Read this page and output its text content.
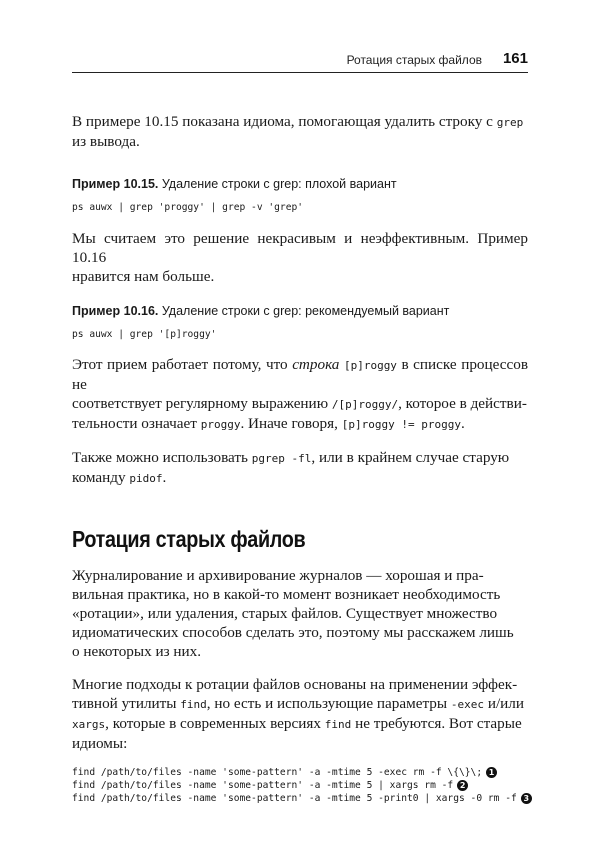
Ротация старых файлов 161

В примере 10.15 показана идиома, помогающая удалить строку с grep
из вывода.

Пример 10.15. Удаление строки с grep: плохой вариант

ps auwx | grep 'proggy' | grep -v 'grep'

Мы считаем это решение некрасивым и неэффективным. Пример 10.16
нравится нам больше.

Пример 10.16. Удаление строки с grep: рекомендуемый вариант

ps auwx | grep '[p]roggy'

Этот прием работает потому, что строка [p]roggy в списке процессов не
соответствует регулярному выражению /[p]roggy/, которое в действи-
тельности означает proggy. Иначе говоря, [p]roggy != proggy.

Также можно использовать pgrep -fl, или в крайнем случае старую
команду pidof.

Ротация старых файлов

Журналирование и архивирование журналов — хорошая и пра-
вильная практика, но в какой-то момент возникает необходимость
«ротации», или удаления, старых файлов. Существует множество
идиоматических способов сделать это, поэтому мы расскажем лишь
о некоторых из них.

Многие подходы к ротации файлов основаны на применении эффек-
тивной утилиты find, но есть и использующие параметры -exec и/или
xargs, которые в современных версиях find не требуются. Вот старые
идиомы:

find /path/to/files -name 'some-pattern' -a -mtime 5 -exec rm -f \{\}\; 1

find /path/to/files -name 'some-pattern' -a -mtime 5 | xargs rm -f 2

find /path/to/files -name 'some-pattern' -a -mtime 5 -print0 | xargs -0 rm -f 3
